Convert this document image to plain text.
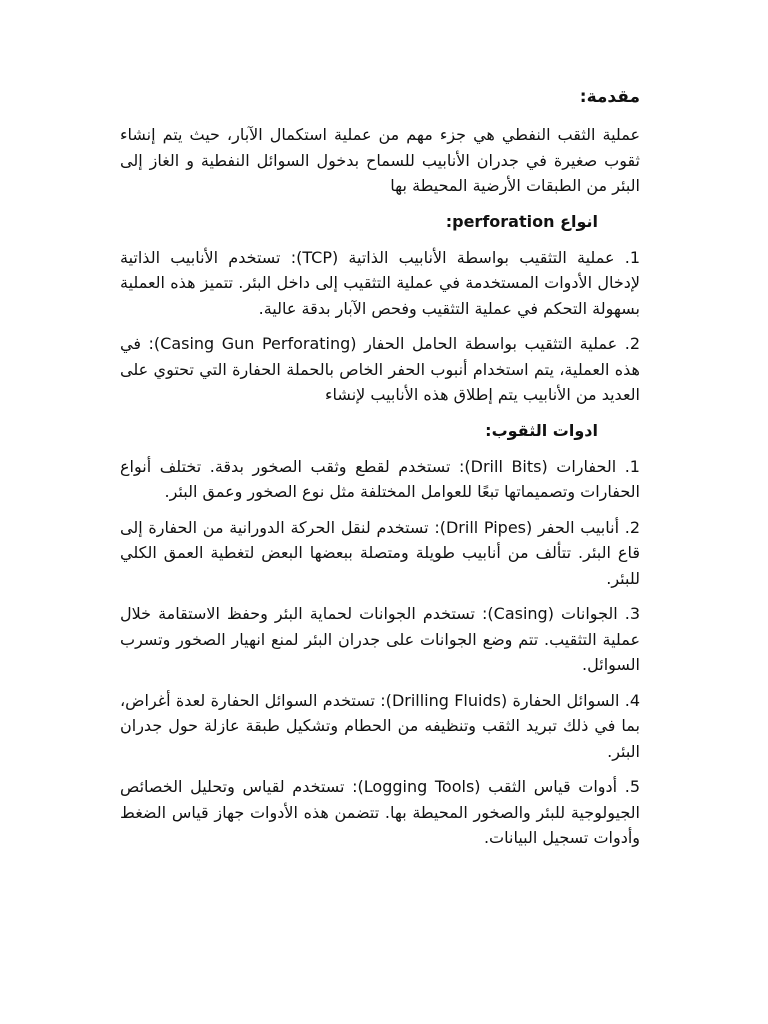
مقدمة:

عملية الثقب النفطي هي جزء مهم من عملية استكمال الآبار، حيث يتم إنشاء ثقوب صغيرة في جدران الأنابيب للسماح بدخول السوائل النفطية و الغاز إلى البئر من الطبقات الأرضية المحيطة بها

انواع perforation:

1. عملية التثقيب بواسطة الأنابيب الذاتية (TCP): تستخدم الأنابيب الذاتية لإدخال الأدوات المستخدمة في عملية التثقيب إلى داخل البئر. تتميز هذه العملية بسهولة التحكم في عملية التثقيب وفحص الآبار بدقة عالية.

2. عملية التثقيب بواسطة الحامل الحفار (Casing Gun Perforating): في هذه العملية، يتم استخدام أنبوب الحفر الخاص بالحملة الحفارة التي تحتوي على العديد من الأنابيب يتم إطلاق هذه الأنابيب لإنشاء

ادوات الثقوب:

1. الحفارات (Drill Bits): تستخدم لقطع وثقب الصخور بدقة. تختلف أنواع الحفارات وتصميماتها تبعًا للعوامل المختلفة مثل نوع الصخور وعمق البئر.

2. أنابيب الحفر (Drill Pipes): تستخدم لنقل الحركة الدورانية من الحفارة إلى قاع البئر. تتألف من أنابيب طويلة ومتصلة ببعضها البعض لتغطية العمق الكلي للبئر.

3. الجوانات (Casing): تستخدم الجوانات لحماية البئر وحفظ الاستقامة خلال عملية التثقيب. تتم وضع الجوانات على جدران البئر لمنع انهيار الصخور وتسرب السوائل.

4. السوائل الحفارة (Drilling Fluids): تستخدم السوائل الحفارة لعدة أغراض، بما في ذلك تبريد الثقب وتنظيفه من الحطام وتشكيل طبقة عازلة حول جدران البئر.

5. أدوات قياس الثقب (Logging Tools): تستخدم لقياس وتحليل الخصائص الجيولوجية للبئر والصخور المحيطة بها. تتضمن هذه الأدوات جهاز قياس الضغط وأدوات تسجيل البيانات.
